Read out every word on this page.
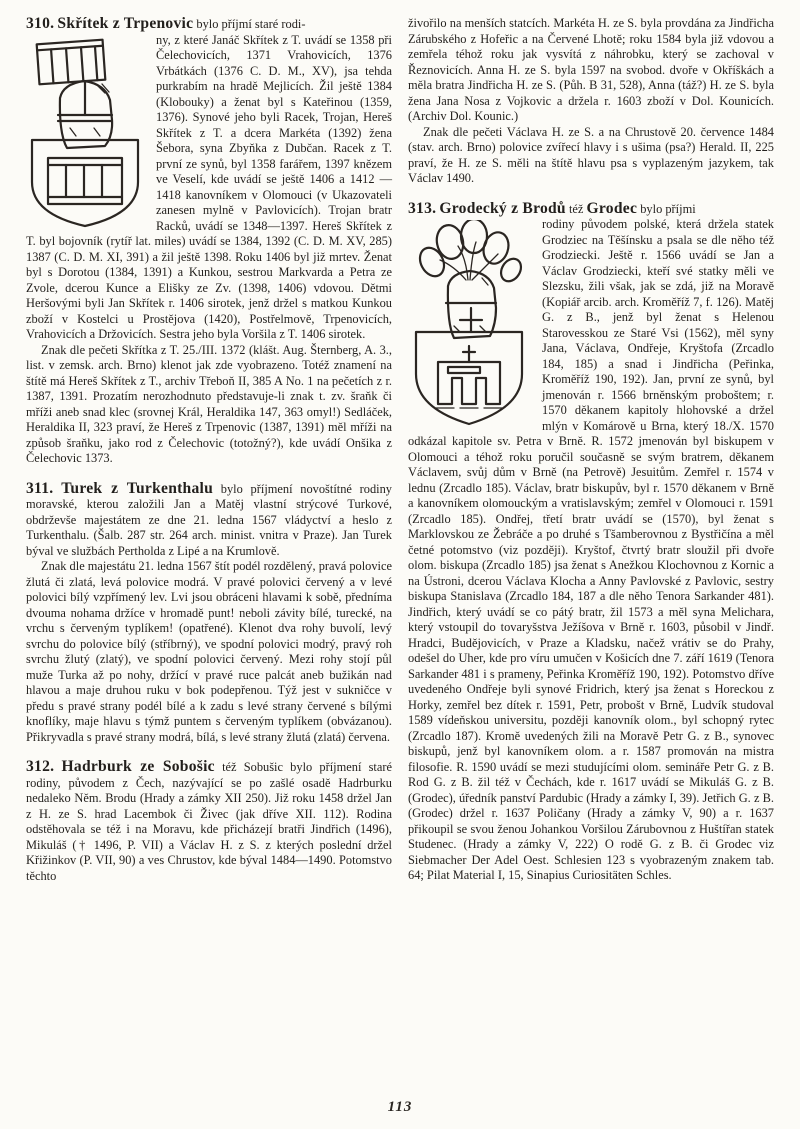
310. Skřítek z Trpenovic bylo příjmí staré rodi-

ny, z které Janáč Skřítek z T. uvádí se 1358 při Čelechovicích, 1371 Vrahovicích, 1376 Vrbátkách (1376 C. D. M., XV), jsa tehda purkrabím na hradě Mejlicích. Žil ještě 1384 (Klobouky) a ženat byl s Kateřinou (1359, 1376). Synové jeho byli Racek, Trojan, Hereš Skřítek z T. a dcera Markéta (1392) žena Šebora, syna Zbyňka z Dubčan. Racek z T. první ze synů, byl 1358 farářem, 1397 knězem ve Veselí, kde uvádí se ještě 1406 a 1412 — 1418 kanovníkem v Olomouci (v Ukazovateli zanesen mylně v Pavlovicích). Trojan bratr Racků, uvádí se 1348—1397. Hereš Skřítek z T. byl bojovník (rytíř lat. miles) uvádí se 1384, 1392 (C. D. M. XV, 285) 1387 (C. D. M. XI, 391) a žil ještě 1398. Roku 1406 byl již mrtev. Ženat byl s Dorotou (1384, 1391) a Kunkou, sestrou Markvarda a Petra ze Zvole, dcerou Kunce a Elišky ze Zv. (1398, 1406) vdovou. Dětmi Heršovými byli Jan Skřítek r. 1406 sirotek, jenž držel s matkou Kunkou zboží v Kostelci u Prostějova (1420), Postřelmově, Trpenovicích, Vrahovicích a Držovicích. Sestra jeho byla Voršila z T. 1406 sirotek.

Znak dle pečeti Skřítka z T. 25./III. 1372 (klášt. Aug. Šternberg, A. 3., list. v zemsk. arch. Brno) klenot jak zde vyobrazeno. Totéž znamení na štítě má Hereš Skřítek z T., archiv Třeboň II, 385 A No. 1 na pečetích z r. 1387, 1391. Prozatím nerozhodnuto představuje-li znak t. zv. šraňk či mříži aneb snad klec (srovnej Král, Heraldika 147, 363 omyl!) Sedláček, Heraldika II, 323 praví, že Hereš z Trpenovic (1387, 1391) měl mříži na způsob šraňku, jako rod z Čelechovic (totožný?), kde uvádí Onšika z Čelechovic 1373.

311. Turek z Turkenthalu bylo příjmení novoštítné rodiny moravské, kterou založili Jan a Matěj vlastní strýcové Turkové, obdrževše majestátem ze dne 21. ledna 1567 vládyctví a heslo z Turkenthalu. (Šalb. 287 str. 264 arch. minist. vnitra v Praze). Jan Turek býval ve službách Pertholda z Lipé a na Krumlově.

Znak dle majestátu 21. ledna 1567 štít podél rozdělený, pravá polovice žlutá či zlatá, levá polovice modrá. V pravé polovici červený a v levé polovici bílý vzpřímený lev. Lvi jsou obráceni hlavami k sobě, předníma dvouma nohama držíce v hromadě punt! neboli závity bílé, turecké, na vrchu s červeným typlíkem! (opatřené). Klenot dva rohy buvolí, levý svrchu do polovice bílý (stříbrný), ve spodní polovici modrý, pravý roh svrchu žlutý (zlatý), ve spodní polovici červený. Mezi rohy stojí půl muže Turka až po nohy, držící v pravé ruce palcát aneb bužikán nad hlavou a maje druhou ruku v bok podepřenou. Týž jest v sukničce v předu s pravé strany podél bílé a k zadu s levé strany červené s bílými knoflíky, maje hlavu s týmž puntem s červeným typlíkem (obvázanou). Přikryvadla s pravé strany modrá, bílá, s levé strany žlutá (zlatá) červena.

312. Hadrburk ze Sobošic též Sobušic bylo příjmení staré rodiny, původem z Čech, nazývající se po zašlé osadě Hadrburku nedaleko Něm. Brodu (Hrady a zámky XII 250). Již roku 1458 držel Jan z H. ze S. hrad Lacembok či Živec (jak dříve XII. 112). Rodina odstěhovala se též i na Moravu, kde přicházejí bratři Jindřich (1496), Mikuláš († 1496, P. VII) a Václav H. z S. z kterých poslední držel Křižinkov (P. VII, 90) a ves Chrustov, kde býval 1484—1490. Potomstvo těchto

živořilo na menších statcích. Markéta H. ze S. byla provdána za Jindřicha Zárubského z Hofeřic a na Červené Lhotě; roku 1584 byla již vdovou a zemřela téhož roku jak vysvítá z náhrobku, který se zachoval v Řeznovicích. Anna H. ze S. byla 1597 na svobod. dvoře v Okříškách a měla bratra Jindřicha H. ze S. (Půh. B 31, 528), Anna (táž?) H. ze S. byla žena Jana Nosa z Vojkovic a držela r. 1603 zboží v Dol. Kounicích. (Archiv Dol. Kounic.)

Znak dle pečeti Václava H. ze S. a na Chrustově 20. července 1484 (stav. arch. Brno) polovice zvířecí hlavy i s ušima (psa?) Herald. II, 225 praví, že H. ze S. měli na štítě hlavu psa s vyplazeným jazykem, tak Václav 1490.

313. Grodecký z Brodů též Grodec bylo příjmi

rodiny původem polské, která držela statek Grodziec na Těšínsku a psala se dle něho též Grodziecki. Ještě r. 1566 uvádí se Jan a Václav Grodziecki, kteří své statky měli ve Slezsku, žili však, jak se zdá, již na Moravě (Kopiář arcib. arch. Kroměříž 7, f. 126). Matěj G. z B., jenž byl ženat s Helenou Starovesskou ze Staré Vsi (1562), měl syny Jana, Václava, Ondřeje, Kryštofa (Zrcadlo 184, 185) a snad i Jindřicha (Peřinka, Kroměříž 190, 192). Jan, první ze synů, byl jmenován r. 1566 brněnským proboštem; r. 1570 děkanem kapitoly hlohovské a držel mlýn v Komárově u Brna, který 18./X. 1570 odkázal kapitole sv. Petra v Brně. R. 1572 jmenován byl biskupem v Olomouci a téhož roku poručil současně se svým bratrem, děkanem Václavem, svůj dům v Brně (na Petrově) Jesuitům. Zemřel r. 1574 v lednu (Zrcadlo 185). Václav, bratr biskupův, byl r. 1570 děkanem v Brně a kanovníkem olomouckým a vratislavským; zemřel v Olomouci r. 1591 (Zrcadlo 185). Ondřej, třetí bratr uvádí se (1570), byl ženat s Marklovskou ze Žebráče a po druhé s Tšamberovnou z Bystřičína a měl četné potomstvo (viz později). Kryštof, čtvrtý bratr sloužil při dvoře olom. biskupa (Zrcadlo 185) jsa ženat s Anežkou Klochovnou z Kornic a na Ústroni, dcerou Václava Klocha a Anny Pavlovské z Pavlovic, sestry biskupa Stanislava (Zrcadlo 184, 187 a dle něho Tenora Sarkander 481). Jindřich, který uvádí se co pátý bratr, žil 1573 a měl syna Melichara, který vstoupil do tovaryšstva Ježíšova v Brně r. 1603, působil v Jindř. Hradci, Budějovicích, v Praze a Kladsku, načež vrátiv se do Prahy, odešel do Uher, kde pro víru umučen v Košicích dne 7. září 1619 (Tenora Sarkander 481 i s prameny, Peřinka Kroměříž 190, 192). Potomstvo dříve uvedeného Ondřeje byli synové Fridrich, který jsa ženat s Horeckou z Horky, zemřel bez dítek r. 1591, Petr, probošt v Brně, Ludvík studoval 1589 vídeňskou universitu, později kanovník olom., byl schopný rytec (Zrcadlo 187). Kromě uvedených žili na Moravě Petr G. z B., synovec biskupů, jenž byl kanovníkem olom. a r. 1587 promován na mistra filosofie. R. 1590 uvádí se mezi studujícími olom. semináře Petr G. z B. Rod G. z B. žil též v Čechách, kde r. 1617 uvádí se Mikuláš G. z B. (Grodec), úředník panství Pardubic (Hrady a zámky I, 39). Jetřich G. z B. (Grodec) držel r. 1637 Poličany (Hrady a zámky V, 90) a r. 1637 přikoupil se svou ženou Johankou Voršilou Zárubovnou z Huštířan statek Studenec. (Hrady a zámky V, 222) O rodě G. z B. či Grodec viz Siebmacher Der Adel Oest. Schlesien 123 s vyobrazeným znakem tab. 64; Pilat Material I, 15, Sinapius Curiositäten Schles.

113
